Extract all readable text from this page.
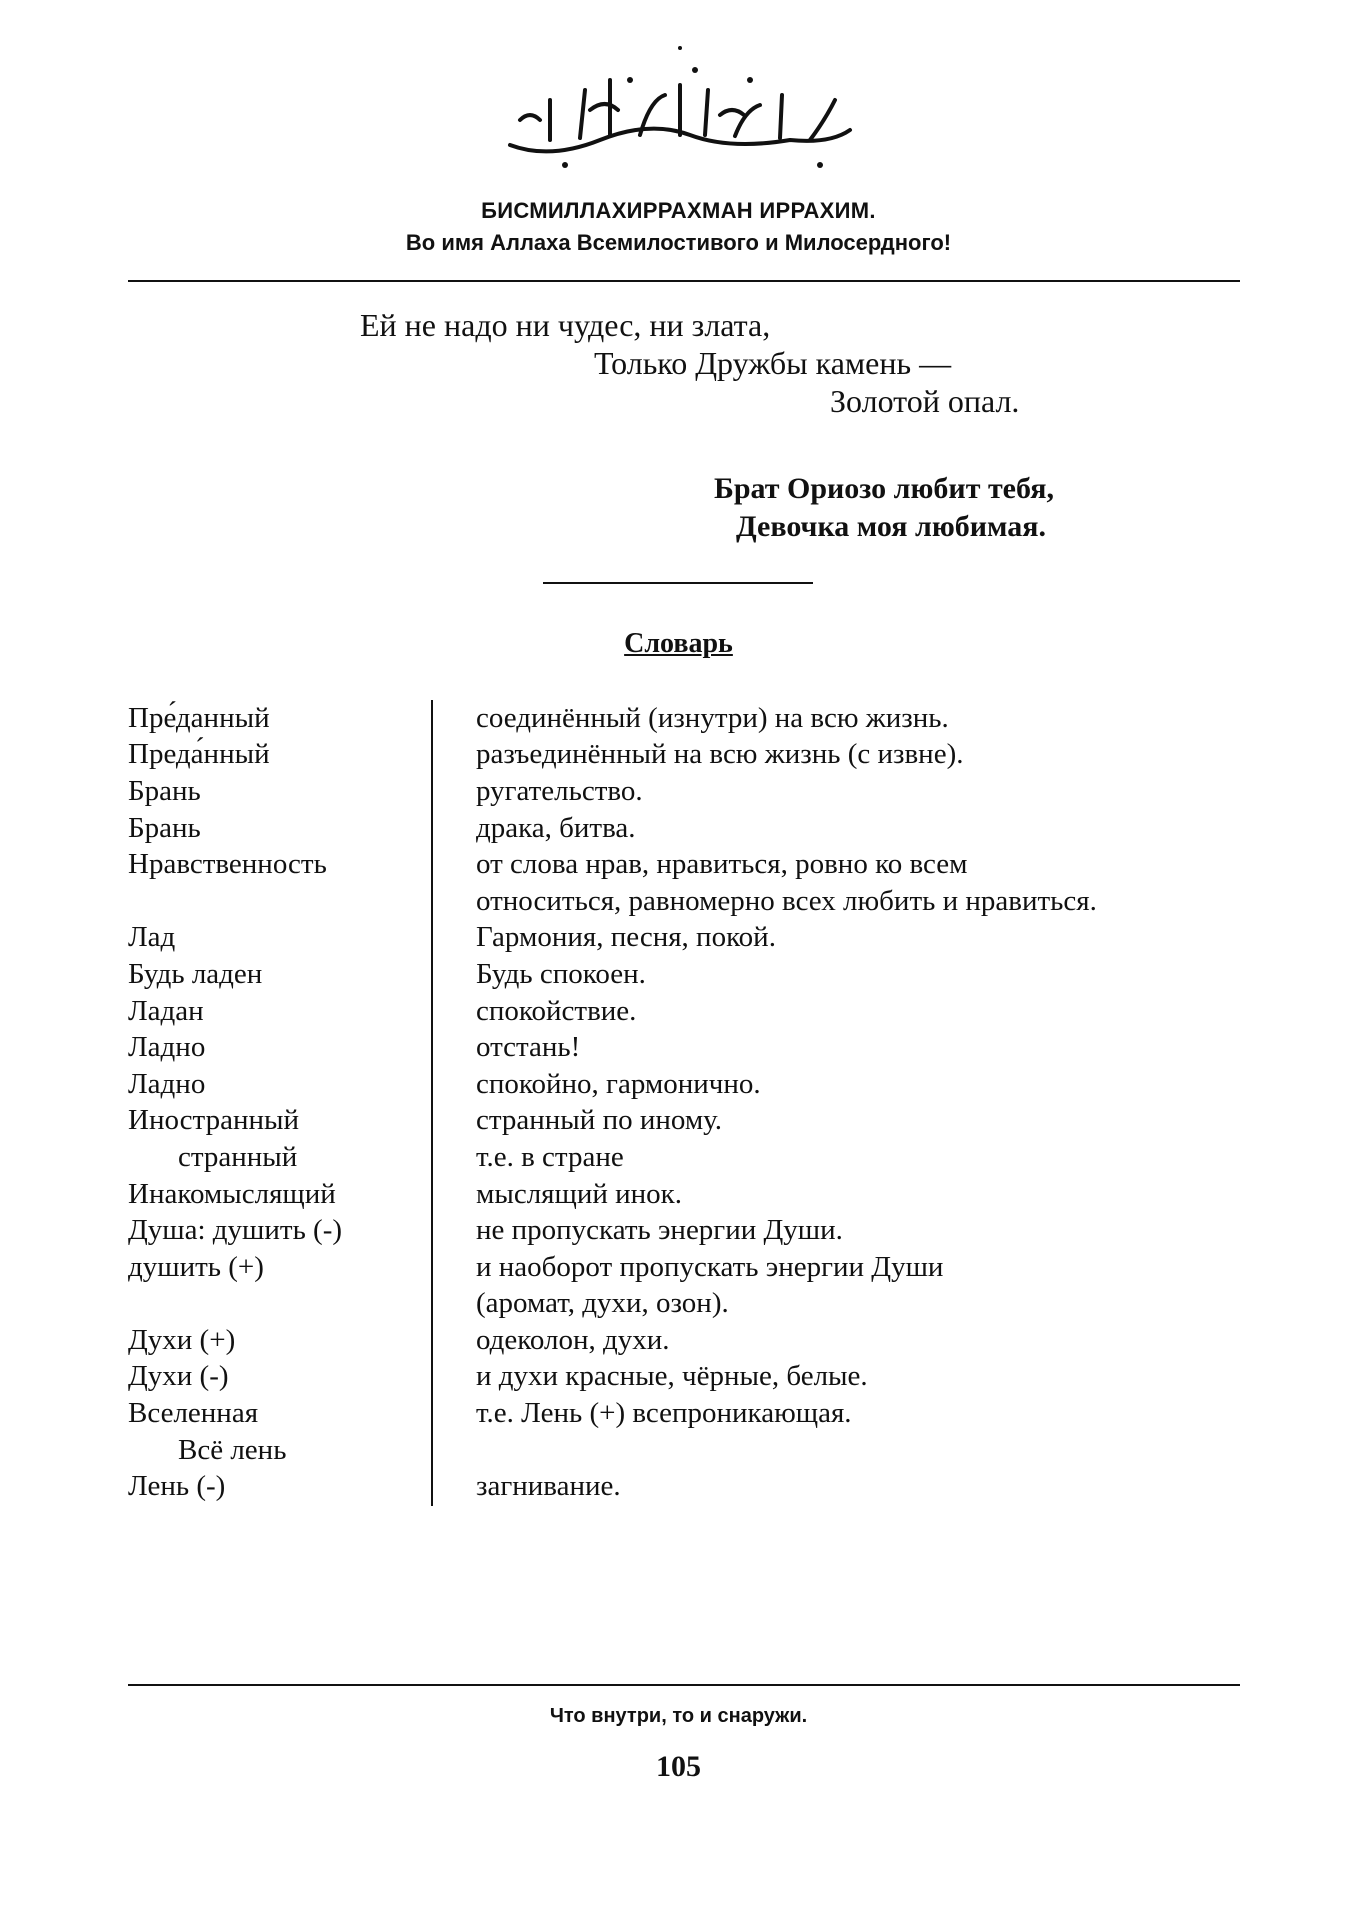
БИСМИЛЛАХИРРАХМАН ИРРАХИМ.
Во имя Аллаха Всемилостивого и Милосердного!
Ей не надо ни чудес, ни злата,
Только Дружбы камень —
Золотой опал.
Брат Ориозо любит тебя,
Девочка моя любимая.
Словарь
Пре́данный	соединённый (изнутри) на всю жизнь.
Преда́нный	разъединённый на всю жизнь (с извне).
Брань	ругательство.
Брань	драка, битва.
Нравственность	от слова нрав, нравиться, ровно ко всем
относиться, равномерно всех любить и нравиться.
Лад	Гармония, песня, покой.
Будь ладен	Будь спокоен.
Ладан	спокойствие.
Ладно	отстань!
Ладно	спокойно, гармонично.
Иностранный	странный по иному.
странный	т.е. в стране
Инакомыслящий	мыслящий инок.
Душа: душить (-)	не пропускать энергии Души.
душить (+)	и наоборот пропускать энергии Души
(аромат, духи, озон).
Духи (+)	одеколон, духи.
Духи (-)	и духи красные, чёрные, белые.
Вселенная	т.е. Лень (+) всепроникающая.
Всё лень
Лень (-)	загнивание.
Что внутри, то и снаружи.
105
